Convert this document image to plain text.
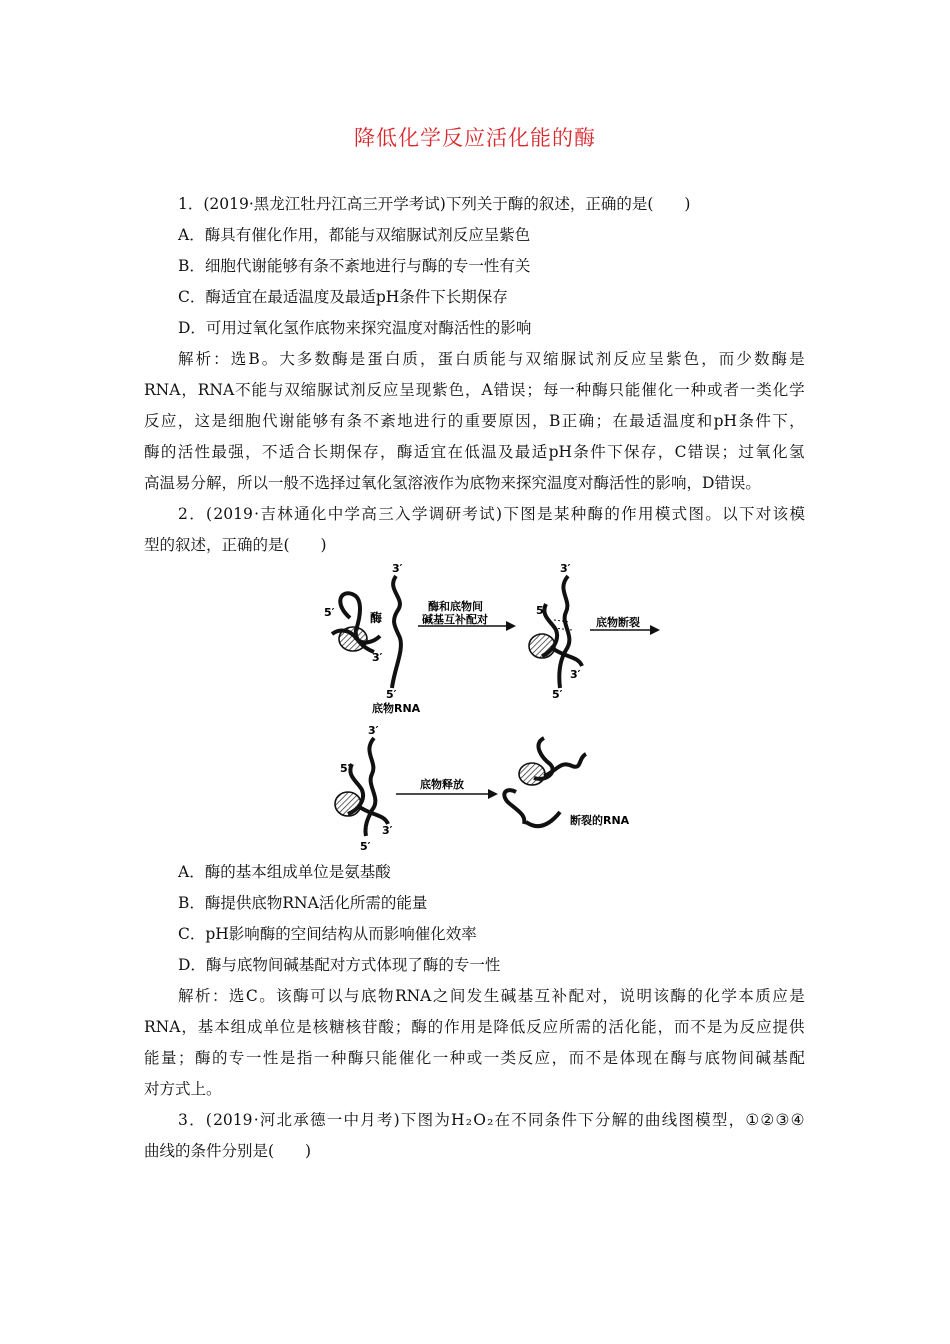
降低化学反应活化能的酶
1．(2019·黑龙江牡丹江高三开学考试)下列关于酶的叙述，正确的是(　　)
A．酶具有催化作用，都能与双缩脲试剂反应呈紫色
B．细胞代谢能够有条不紊地进行与酶的专一性有关
C．酶适宜在最适温度及最适pH条件下长期保存
D．可用过氧化氢作底物来探究温度对酶活性的影响
解 析 ： 选 B 。 大 多 数 酶 是 蛋 白 质 ， 蛋 白 质 能 与 双 缩 脲 试 剂 反 应 呈 紫 色 ， 而 少 数 酶 是
RNA ， RNA 不 能 与 双 缩 脲 试 剂 反 应 呈 现 紫 色 ， A 错 误 ； 每 一 种 酶 只 能 催 化 一 种 或 者 一 类 化 学
反 应 ， 这 是 细 胞 代 谢 能 够 有 条 不 紊 地 进 行 的 重 要 原 因 ， B 正 确 ； 在 最 适 温 度 和 pH 条 件 下 ，
酶 的 活 性 最 强 ， 不 适 合 长 期 保 存 ， 酶 适 宜 在 低 温 及 最 适 pH 条 件 下 保 存 ， C 错 误 ； 过 氧 化 氢
高温易分解，所以一般不选择过氧化氢溶液作为底物来探究温度对酶活性的影响，D错误。
2 ． ( 2019 · 吉 林 通 化 中 学 高 三 入 学 调 研 考 试 ) 下 图 是 某 种 酶 的 作 用 模 式 图 。 以 下 对 该 模
型的叙述，正确的是(　　)
3′
5′	酶
3′
5′
底物RNA
酶和底物间
碱基互补配对
3′
5′
3′
5′
底物断裂
3′
5′
3′
5′
底物释放
断裂的RNA
A．酶的基本组成单位是氨基酸
B．酶提供底物RNA活化所需的能量
C．pH影响酶的空间结构从而影响催化效率
D．酶与底物间碱基配对方式体现了酶的专一性
解 析 ： 选 C 。 该 酶 可 以 与 底 物 RNA 之 间 发 生 碱 基 互 补 配 对 ， 说 明 该 酶 的 化 学 本 质 应 是
RNA ， 基 本 组 成 单 位 是 核 糖 核 苷 酸 ； 酶 的 作 用 是 降 低 反 应 所 需 的 活 化 能 ， 而 不 是 为 反 应 提 供
能 量 ； 酶 的 专 一 性 是 指 一 种 酶 只 能 催 化 一 种 或 一 类 反 应 ， 而 不 是 体 现 在 酶 与 底 物 间 碱 基 配
对方式上。
3 ． ( 2019 · 河 北 承 德 一 中 月 考 ) 下 图 为 H ₂ O ₂ 在 不 同 条 件 下 分 解 的 曲 线 图 模 型 ， ① ② ③ ④
曲线的条件分别是(　　)
